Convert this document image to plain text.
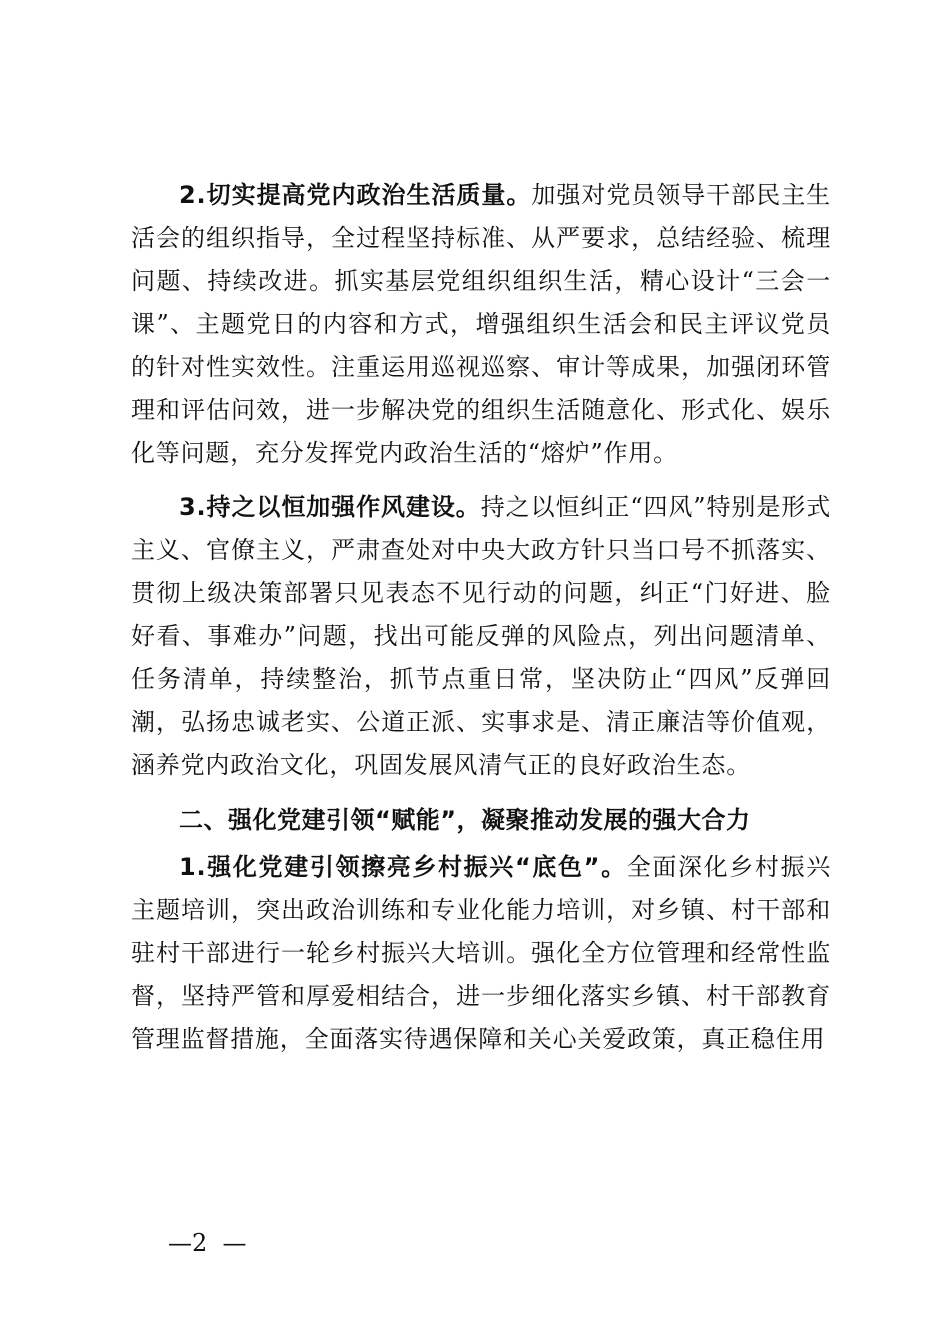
2.切实提高党内政治生活质量。加强对党员领导干部民主生活会的组织指导，全过程坚持标准、从严要求，总结经验、梳理问题、持续改进。抓实基层党组织组织生活，精心设计“三会一课”、主题党日的内容和方式，增强组织生活会和民主评议党员的针对性实效性。注重运用巡视巡察、审计等成果，加强闭环管理和评估问效，进一步解决党的组织生活随意化、形式化、娱乐化等问题，充分发挥党内政治生活的“熔炉”作用。

3.持之以恒加强作风建设。持之以恒纠正“四风”特别是形式主义、官僚主义，严肃查处对中央大政方针只当口号不抓落实、贯彻上级决策部署只见表态不见行动的问题，纠正“门好进、脸好看、事难办”问题，找出可能反弹的风险点，列出问题清单、任务清单，持续整治，抓节点重日常，坚决防止“四风”反弹回潮，弘扬忠诚老实、公道正派、实事求是、清正廉洁等价值观，涵养党内政治文化，巩固发展风清气正的良好政治生态。

二、强化党建引领“赋能”，凝聚推动发展的强大合力

1.强化党建引领擦亮乡村振兴“底色”。全面深化乡村振兴主题培训，突出政治训练和专业化能力培训，对乡镇、村干部和驻村干部进行一轮乡村振兴大培训。强化全方位管理和经常性监督，坚持严管和厚爱相结合，进一步细化落实乡镇、村干部教育管理监督措施，全面落实待遇保障和关心关爱政策，真正稳住用

—2  —
